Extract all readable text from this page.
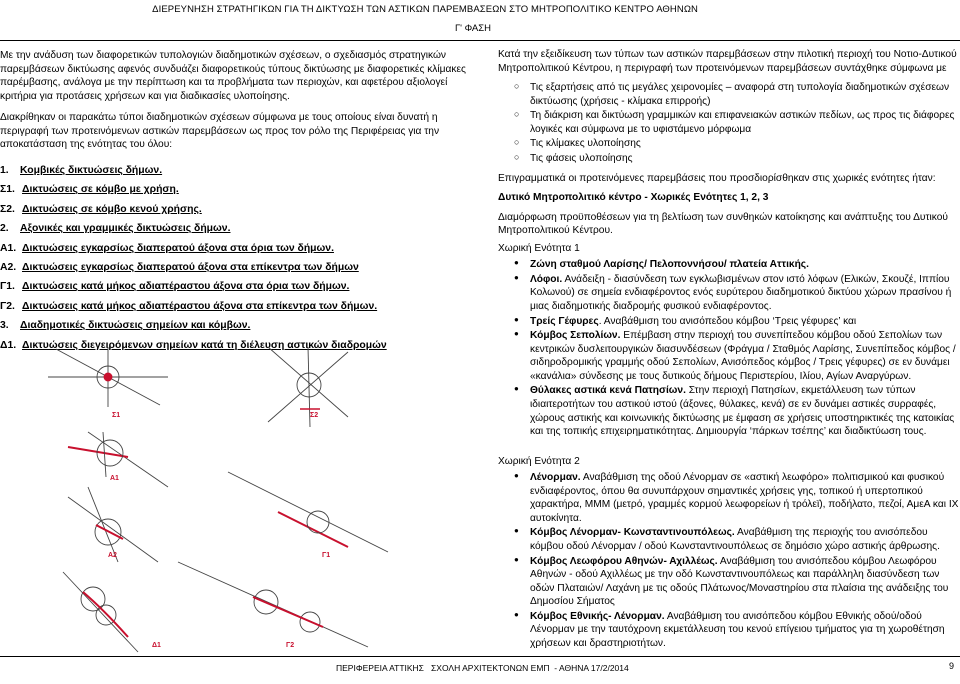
ΔΙΕΡΕΥΝΗΣΗ ΣΤΡΑΤΗΓΙΚΩΝ ΓΙΑ ΤΗ ΔΙΚΤΥΩΣΗ ΤΩΝ ΑΣΤΙΚΩΝ ΠΑΡΕΜΒΑΣΕΩΝ ΣΤΟ ΜΗΤΡΟΠΟΛΙΤΙΚΟ ΚΕΝΤΡΟ ΑΘΗΝΩΝ
Γ' ΦΑΣΗ

Με την ανάδυση των διαφορετικών τυπολογιών διαδημοτικών σχέσεων, ο σχεδιασμός στρατηγικών παρεμβάσεων δικτύωσης αφενός συνδυάζει διαφορετικούς τύπους δικτύωσης με διαφορετικές κλίμακες παρέμβασης, ανάλογα με την περίπτωση και τα προβλήματα των περιοχών, και αφετέρου αξιολογεί κριτήρια για προτάσεις χρήσεων και για διαδικασίες υλοποίησης.

Διακρίθηκαν οι παρακάτω τύποι διαδημοτικών σχέσεων σύμφωνα με τους οποίους είναι δυνατή η περιγραφή των προτεινόμενων αστικών παρεμβάσεων ως προς τον ρόλο της Περιφέρειας για την αποκατάσταση της ενότητας του όλου:

1. Κομβικές δικτυώσεις δήμων.
Σ1. Δικτυώσεις σε κόμβο με χρήση.
Σ2. Δικτυώσεις σε κόμβο κενού χρήσης.
2. Αξονικές και γραμμικές δικτυώσεις δήμων.
Α1. Δικτυώσεις εγκαρσίως διαπερατού άξονα στα όρια των δήμων.
Α2. Δικτυώσεις εγκαρσίως διαπερατού άξονα στα επίκεντρα των δήμων
Γ1. Δικτυώσεις κατά μήκος αδιαπέραστου άξονα στα όρια των δήμων.
Γ2. Δικτυώσεις κατά μήκος αδιαπέραστου άξονα στα επίκεντρα των δήμων.
3. Διαδημοτικές δικτυώσεις σημείων και κόμβων.
Δ1. Δικτυώσεις διεγειρόμενων σημείων κατά τη διέλευση αστικών διαδρομών
Σ1	Σ2
Α1
Α2	Γ1
Γ2
Δ1

Κατά την εξειδίκευση των τύπων των αστικών παρεμβάσεων στην πιλοτική περιοχή του Νοτιο-Δυτικού Μητροπολιτικού Κέντρου, η περιγραφή των προτεινόμενων παρεμβάσεων συντάχθηκε σύμφωνα με

○ Τις εξαρτήσεις από τις μεγάλες χειρονομίες – αναφορά στη τυπολογία διαδημοτικών σχέσεων δικτύωσης (χρήσεις - κλίμακα επιρροής)
○ Τη διάκριση και δικτύωση γραμμικών και επιφανειακών αστικών πεδίων, ως προς τις διάφορες λογικές και σύμφωνα με το υφιστάμενο μόρφωμα
○ Τις κλίμακες υλοποίησης
○ Τις φάσεις υλοποίησης

Επιγραμματικά οι προτεινόμενες παρεμβάσεις που προσδιορίσθηκαν στις χωρικές ενότητες ήταν:

Δυτικό Μητροπολιτικό κέντρο - Χωρικές Ενότητες 1, 2, 3

Διαμόρφωση προϋποθέσεων για τη βελτίωση των συνθηκών κατοίκησης και ανάπτυξης του Δυτικού Μητροπολιτικού Κέντρου.

Χωρική Ενότητα 1

● Ζώνη σταθμού Λαρίσης/ Πελοποννήσου/ πλατεία Αττικής.
● Λόφοι. Ανάδειξη - διασύνδεση των εγκλωβισμένων στον ιστό λόφων (Ελικών, Σκουζέ, Ιππίου Κολωνού) σε σημεία ενδιαφέροντος ενός ευρύτερου διαδημοτικού δικτύου χώρων πρασίνου ή μιας διαδημοτικής διαδρομής φυσικού ενδιαφέροντος.
● Τρείς Γέφυρες. Αναβάθμιση του ανισόπεδου κόμβου ‘Τρεις γέφυρες’ και
● Κόμβος Σεπολίων. Επέμβαση στην περιοχή του συνεπίπεδου κόμβου οδού Σεπολίων των κεντρικών δυσλειτουργικών διασυνδέσεων (Φράγμα / Σταθμός Λαρίσης, Συνεπίπεδος κόμβος / σιδηροδρομικής γραμμής οδού Σεπολίων, Ανισόπεδος κόμβος / Τρεις γέφυρες) σε εν δυνάμει «κανάλια» σύνδεσης με τους δυτικούς δήμους Περιστερίου, Ιλίου, Αγίων Αναργύρων.
● Θύλακες αστικά κενά Πατησίων. Στην περιοχή Πατησίων, εκμετάλλευση των τύπων ιδιαιτεροτήτων του αστικού ιστού (άξονες, θύλακες, κενά) σε εν δυνάμει αστικές συρραφές, χώρους αστικής και κοινωνικής δικτύωσης με έμφαση σε χρήσεις υποστηρικτικές της κατοικίας και της τοπικής επιχειρηματικότητας. Δημιουργία ‘πάρκων τσέπης’ και διαδικτύωση τους.

Χωρική Ενότητα 2

● Λένορμαν. Αναβάθμιση της οδού Λένορμαν σε «αστική λεωφόρο» πολιτισμικού και φυσικού ενδιαφέροντος, όπου θα συνυπάρχουν σημαντικές χρήσεις γης, τοπικού ή υπερτοπικού χαρακτήρα, ΜΜΜ (μετρό, γραμμές κορμού λεωφορείων ή τρόλεϊ), ποδήλατο, πεζοί, ΑμεΑ και ΙΧ αυτοκίνητα.
● Κόμβος Λένορμαν- Κωνσταντινουπόλεως. Αναβάθμιση της περιοχής του ανισόπεδου κόμβου οδού Λένορμαν / οδού Κωνσταντινουπόλεως σε δημόσιο χώρο αστικής άρθρωσης.
● Κόμβος Λεωφόρου Αθηνών- Αχιλλέως. Αναβάθμιση του ανισόπεδου κόμβου Λεωφόρου Αθηνών - οδού Αχιλλέως με την οδό Κωνσταντινουπόλεως και παράλληλη διασύνδεση των οδών Πλαταιών/ Λαχάνη με τις οδούς Πλάτωνος/Μοναστηρίου στα πλαίσια της ανάδειξης του Δημοσίου Σήματος
● Κόμβος Εθνικής- Λένορμαν. Αναβάθμιση του ανισόπεδου κόμβου Εθνικής οδού/οδού Λένορμαν με την ταυτόχρονη εκμετάλλευση του κενού επίγειου τμήματος για τη χωροθέτηση χρήσεων και δραστηριοτήτων.
ΠΕΡΙΦΕΡΕΙΑ ΑΤΤΙΚΗΣ   ΣΧΟΛΗ ΑΡΧΙΤΕΚΤΟΝΩΝ ΕΜΠ  - ΑΘΗΝΑ 17/2/2014	9
